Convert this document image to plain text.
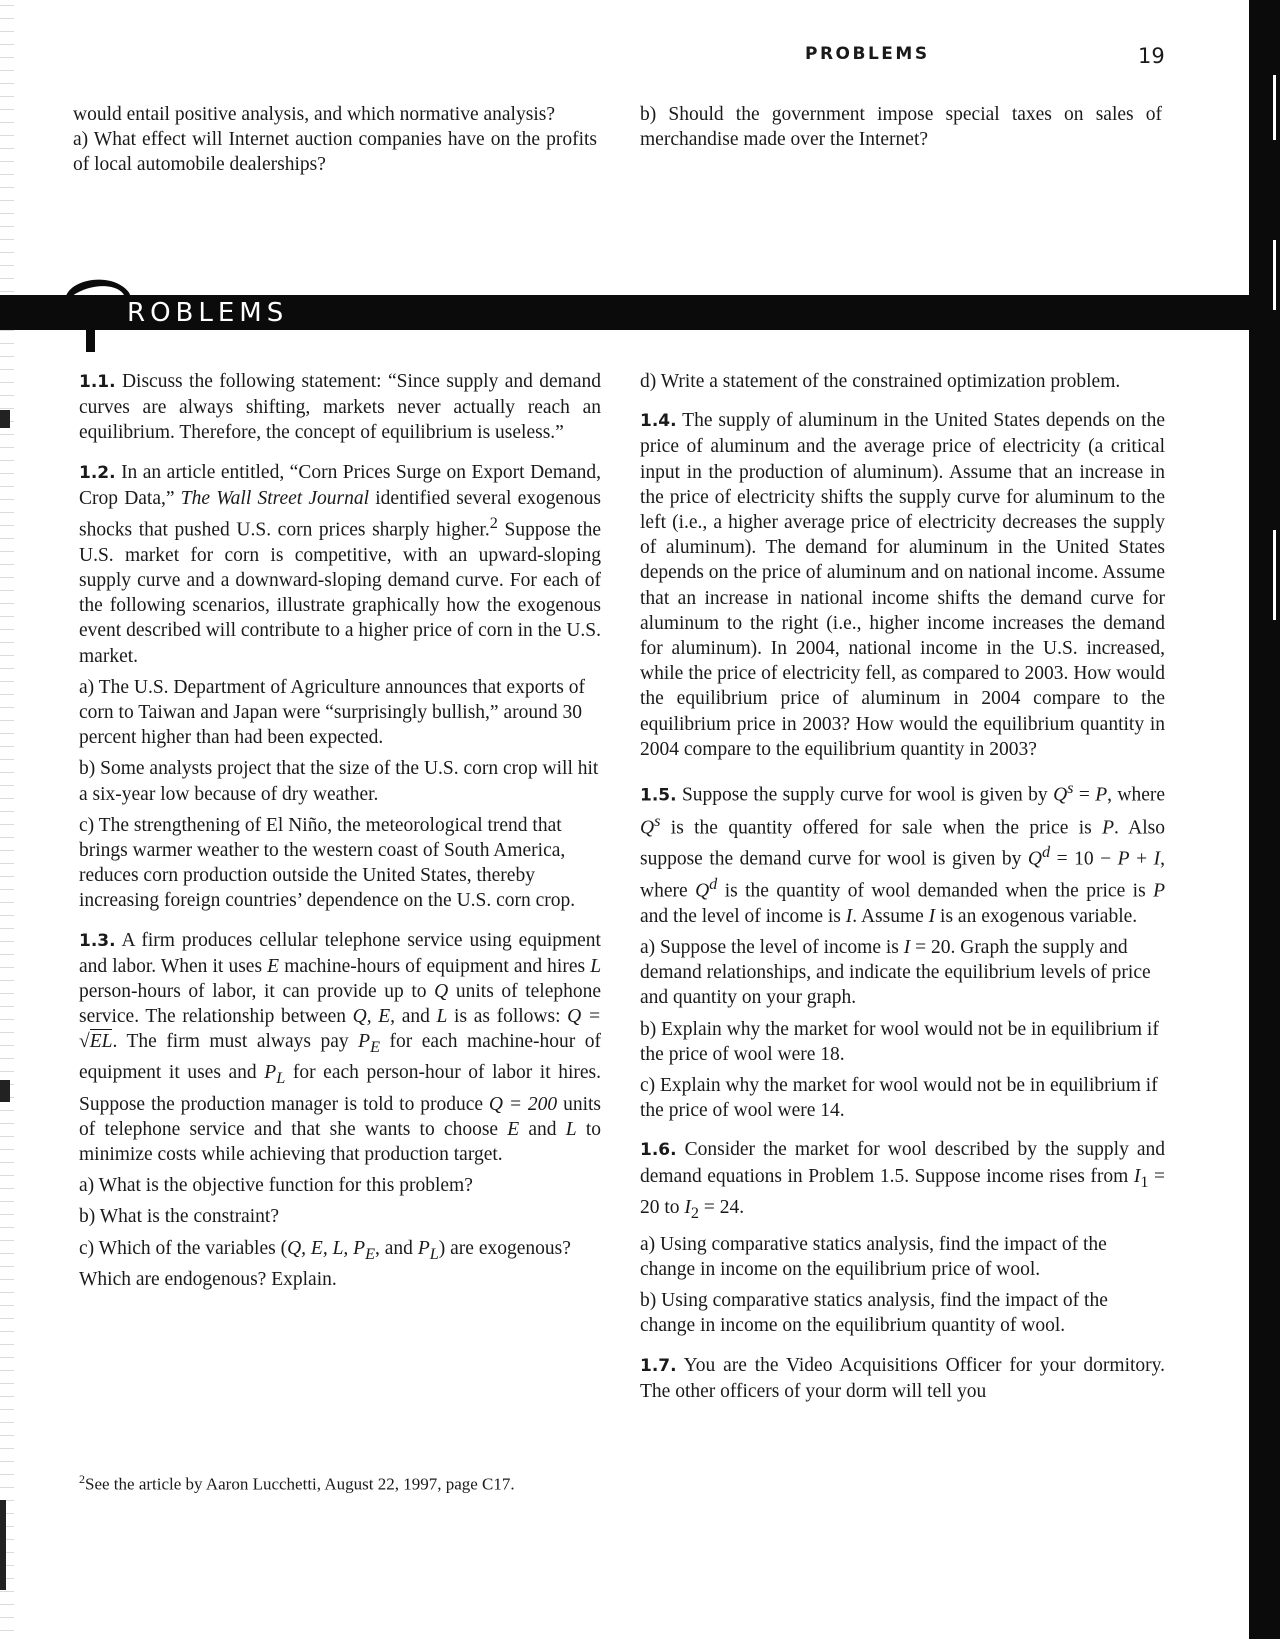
PROBLEMS	19

would entail positive analysis, and which normative analysis?

a) What effect will Internet auction companies have on the profits of local automobile dealerships?

b) Should the government impose special taxes on sales of merchandise made over the Internet?

ROBLEMS

1.1. Discuss the following statement: “Since supply and demand curves are always shifting, markets never actually reach an equilibrium. Therefore, the concept of equilibrium is useless.”

1.2. In an article entitled, “Corn Prices Surge on Export Demand, Crop Data,” The Wall Street Journal identified several exogenous shocks that pushed U.S. corn prices sharply higher.$^2$ Suppose the U.S. market for corn is competitive, with an upward-sloping supply curve and a downward-sloping demand curve. For each of the following scenarios, illustrate graphically how the exogenous event described will contribute to a higher price of corn in the U.S. market.

a) The U.S. Department of Agriculture announces that exports of corn to Taiwan and Japan were “surprisingly bullish,” around 30 percent higher than had been expected.

b) Some analysts project that the size of the U.S. corn crop will hit a six-year low because of dry weather.

c) The strengthening of El Niño, the meteorological trend that brings warmer weather to the western coast of South America, reduces corn production outside the United States, thereby increasing foreign countries’ dependence on the U.S. corn crop.

1.3. A firm produces cellular telephone service using equipment and labor. When it uses E machine-hours of equipment and hires L person-hours of labor, it can provide up to Q units of telephone service. The relationship between Q, E, and L is as follows: Q = √EL. The firm must always pay $P_E$ for each machine-hour of equipment it uses and $P_L$ for each person-hour of labor it hires. Suppose the production manager is told to produce Q = 200 units of telephone service and that she wants to choose E and L to minimize costs while achieving that production target.

a) What is the objective function for this problem?

b) What is the constraint?

c) Which of the variables (Q, E, L, $P_E$, and $P_L$) are exogenous? Which are endogenous? Explain.

$^2$See the article by Aaron Lucchetti, August 22, 1997, page C17.

d) Write a statement of the constrained optimization problem.

1.4. The supply of aluminum in the United States depends on the price of aluminum and the average price of electricity (a critical input in the production of aluminum). Assume that an increase in the price of electricity shifts the supply curve for aluminum to the left (i.e., a higher average price of electricity decreases the supply of aluminum). The demand for aluminum in the United States depends on the price of aluminum and on national income. Assume that an increase in national income shifts the demand curve for aluminum to the right (i.e., higher income increases the demand for aluminum). In 2004, national income in the U.S. increased, while the price of electricity fell, as compared to 2003. How would the equilibrium price of aluminum in 2004 compare to the equilibrium price in 2003? How would the equilibrium quantity in 2004 compare to the equilibrium quantity in 2003?

1.5. Suppose the supply curve for wool is given by $Q^s = P$, where $Q^s$ is the quantity offered for sale when the price is P. Also suppose the demand curve for wool is given by $Q^d = 10 - P + I$, where $Q^d$ is the quantity of wool demanded when the price is P and the level of income is I. Assume I is an exogenous variable.

a) Suppose the level of income is I = 20. Graph the supply and demand relationships, and indicate the equilibrium levels of price and quantity on your graph.

b) Explain why the market for wool would not be in equilibrium if the price of wool were 18.

c) Explain why the market for wool would not be in equilibrium if the price of wool were 14.

1.6. Consider the market for wool described by the supply and demand equations in Problem 1.5. Suppose income rises from $I_1 = 20$ to $I_2 = 24$.

a) Using comparative statics analysis, find the impact of the change in income on the equilibrium price of wool.

b) Using comparative statics analysis, find the impact of the change in income on the equilibrium quantity of wool.

1.7. You are the Video Acquisitions Officer for your dormitory. The other officers of your dorm will tell you
